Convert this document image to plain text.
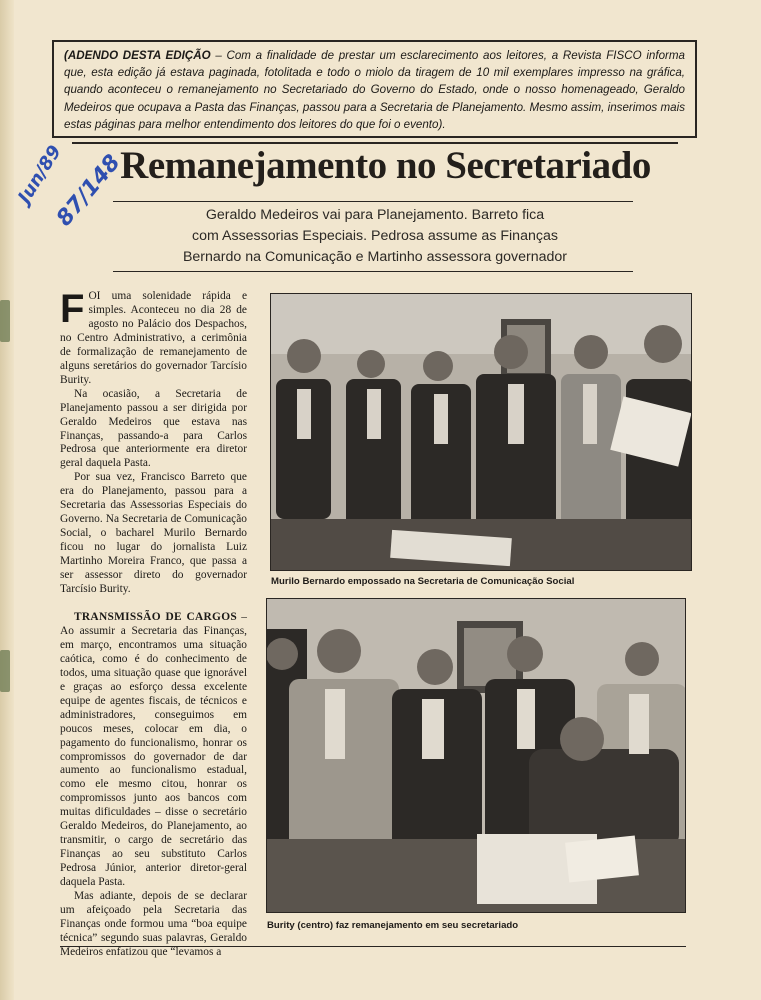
(ADENDO DESTA EDIÇÃO – Com a finalidade de prestar um esclarecimento aos leitores, a Revista FISCO informa que, esta edição já estava paginada, fotolitada e todo o miolo da tiragem de 10 mil exemplares impresso na gráfica, quando aconteceu o remanejamento no Secretariado do Governo do Estado, onde o nosso homenageado, Geraldo Medeiros que ocupava a Pasta das Finanças, passou para a Secretaria de Planejamento. Mesmo assim, inserimos mais estas páginas para melhor entendimento dos leitores do que foi o evento).
Remanejamento no Secretariado
Geraldo Medeiros vai para Planejamento. Barreto fica
com Assessorias Especiais. Pedrosa assume as Finanças
Bernardo na Comunicação e Martinho assessora governador
Jun/89
87/148

FOI uma solenidade rápida e simples. Aconteceu no dia 28 de agosto no Palácio dos Despachos, no Centro Administrativo, a cerimônia de formalização de remanejamento de alguns seretários do governador Tarcísio Burity.

Na ocasião, a Secretaria de Planejamento passou a ser dirigida por Geraldo Medeiros que estava nas Finanças, passando-a para Carlos Pedrosa que anteriormente era diretor geral daquela Pasta.

Por sua vez, Francisco Barreto que era do Planejamento, passou para a Secretaria das Assessorias Especiais do Governo. Na Secretaria de Comunicação Social, o bacharel Murilo Bernardo ficou no lugar do jornalista Luiz Martinho Moreira Franco, que passa a ser assessor direto do governador Tarcísio Burity.

TRANSMISSÃO DE CARGOS – Ao assumir a Secretaria das Finanças, em março, encontramos uma situação caótica, como é do conhecimento de todos, uma situação quase que ignorável e graças ao esforço dessa excelente equipe de agentes fiscais, de técnicos e administradores, conseguimos em poucos meses, colocar em dia, o pagamento do funcionalismo, honrar os compromissos do governador de dar aumento ao funcionalismo estadual, como ele mesmo citou, honrar os compromissos junto aos bancos com muitas dificuldades – disse o secretário Geraldo Medeiros, do Planejamento, ao transmitir, o cargo de secretário das Finanças ao seu substituto Carlos Pedrosa Júnior, anterior diretor-geral daquela Pasta.

Mas adiante, depois de se declarar um afeiçoado pela Secretaria das Finanças onde formou uma “boa equipe técnica” segundo suas palavras, Geraldo Medeiros enfatizou que “levamos a

Murilo Bernardo empossado na Secretaria de Comunicação Social
Burity (centro) faz remanejamento em seu secretariado
